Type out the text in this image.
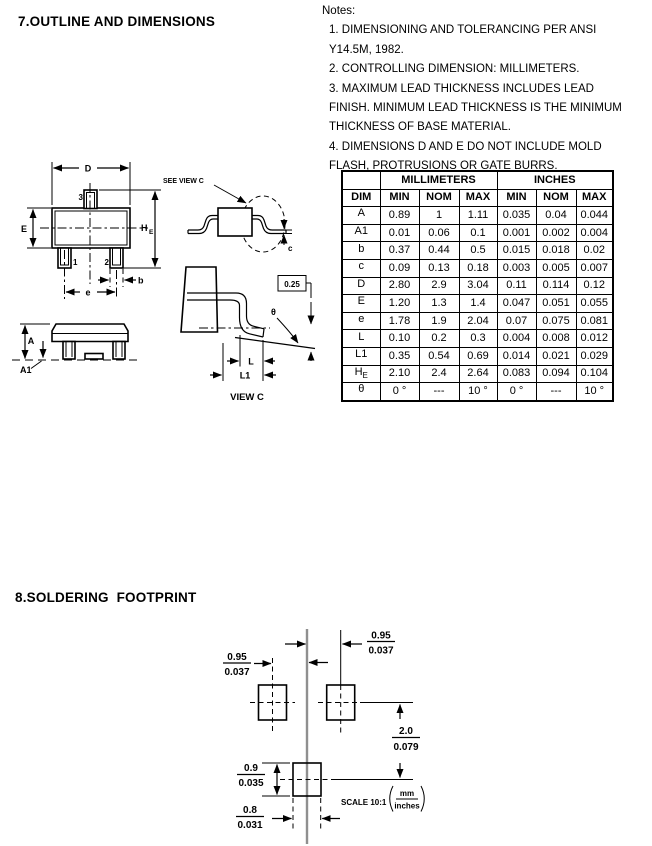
7.OUTLINE AND DIMENSIONS
Notes:
1. DIMENSIONING AND TOLERANCING PER ANSI
Y14.5M, 1982.
2. CONTROLLING DIMENSION: MILLIMETERS.
3. MAXIMUM LEAD THICKNESS INCLUDES LEAD
FINISH. MINIMUM LEAD THICKNESS IS THE MINIMUM
THICKNESS OF BASE MATERIAL.
4. DIMENSIONS D AND E DO NOT INCLUDE MOLD
FLASH, PROTRUSIONS OR GATE BURRS.
D
3
1	2
E	H E
b
e
SEE VIEW C
c
A
A1
θ
0.25
L
L1
VIEW C
	MILLIMETERS			INCHES		
DIM	MIN	NOM	MAX	MIN	NOM	MAX
A	0.89	1	1.11	0.035	0.04	0.044
A1	0.01	0.06	0.1	0.001	0.002	0.004
b	0.37	0.44	0.5	0.015	0.018	0.02
c	0.09	0.13	0.18	0.003	0.005	0.007
D	2.80	2.9	3.04	0.11	0.114	0.12
E	1.20	1.3	1.4	0.047	0.051	0.055
e	1.78	1.9	2.04	0.07	0.075	0.081
L	0.10	0.2	0.3	0.004	0.008	0.012
L1	0.35	0.54	0.69	0.014	0.021	0.029
$H_E$	2.10	2.4	2.64	0.083	0.094	0.104
θ	0 °	---	10 °	0 °	---	10 °
8.SOLDERING  FOOTPRINT
0.95
0.037
0.95
0.037
2.0
0.079
0.9
0.035
0.8
0.031
SCALE 10:1
mm
inches
